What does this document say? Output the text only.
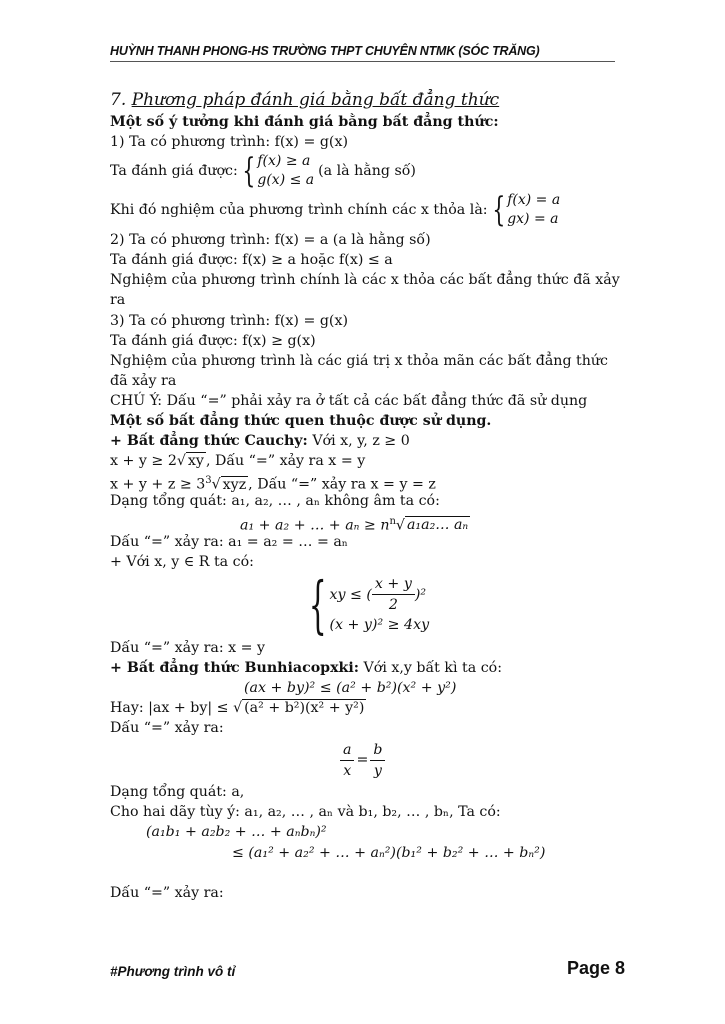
HUỲNH THANH PHONG-HS TRƯỜNG THPT CHUYÊN NTMK (SÓC TRĂNG)
7. Phương pháp đánh giá bằng bất đẳng thức
Một số ý tưởng khi đánh giá bằng bất đẳng thức:
1) Ta có phương trình: f(x) = g(x)
Ta đánh giá được: { f(x) ≥ a
g(x) ≤ a
(a là hằng số)
Khi đó nghiệm của phương trình chính các x thỏa là: { f(x) = a
gx) = a
2) Ta có phương trình: f(x) = a (a là hằng số)
Ta đánh giá được: f(x) ≥ a hoặc f(x) ≤ a
Nghiệm của phương trình chính là các x thỏa các bất đẳng thức đã xảy ra
3) Ta có phương trình: f(x) = g(x)
Ta đánh giá được: f(x) ≥ g(x)
Nghiệm của phương trình là các giá trị x thỏa mãn các bất đẳng thức đã xảy ra
CHÚ Ý: Dấu “=” phải xảy ra ở tất cả các bất đẳng thức đã sử dụng
Một số bất đẳng thức quen thuộc được sử dụng.
+ Bất đẳng thức Cauchy: Với x, y, z ≥ 0
x + y ≥ 2√ xy , Dấu “=” xảy ra x = y
$x + y + z \ge 3^3√$ xyz , Dấu “=” xảy ra x = y = z
Dạng tổng quát: a₁, a₂, … , aₙ không âm ta có:
a₁ + a₂ + … + $a_n \ge n^n√$ a₁a₂… aₙ
Dấu “=” xảy ra: a₁ = a₂ = … = aₙ
+ Với x, y ∈ R ta có:
{ xy ≤ ( $\frac{x + y}{2} )^2$
(x + y)² ≥ 4xy
Dấu “=” xảy ra: x = y
+ Bất đẳng thức Bunhiacopxki: Với x,y bất kì ta có:
(ax + by)² ≤ (a² + b²)(x² + y²)
Hay: |ax + by| ≤ √ (a² + b²)(x² + y²)
Dấu “=” xảy ra:
$\frac{a}{x} = \frac{b}{y}$
Dạng tổng quát: a,
Cho hai dãy tùy ý: a₁, a₂, … , aₙ và b₁, b₂, … , bₙ, Ta có:
(a₁b₁ + a₂b₂ + … + aₙbₙ)²
≤ (a₁² + a₂² + … + aₙ²)(b₁² + b₂² + … + bₙ²)
Dấu “=” xảy ra:
#Phương trình vô tỉ	Page 8
